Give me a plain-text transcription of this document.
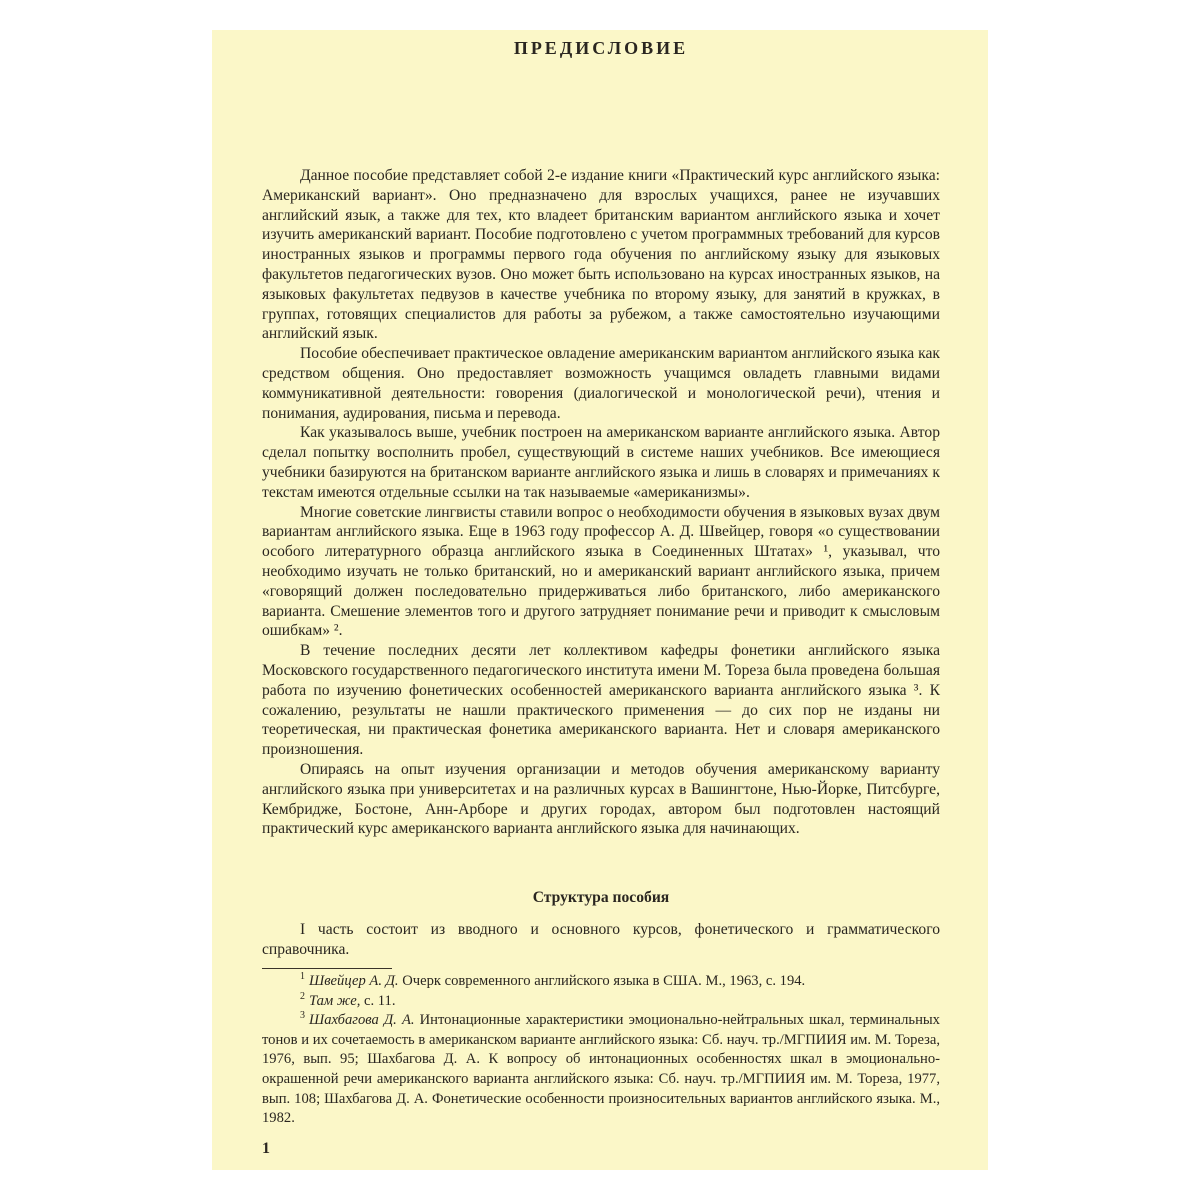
ПРЕДИСЛОВИЕ

Данное пособие представляет собой 2-е издание книги «Практический курс английского языка: Американский вариант». Оно предназначено для взрослых учащихся, ранее не изучавших английский язык, а также для тех, кто владеет британским вариантом английского языка и хочет изучить американский вариант. Пособие подготовлено с учетом программных требований для курсов иностранных языков и программы первого года обучения по английскому языку для языковых факультетов педагогических вузов. Оно может быть использовано на курсах иностранных языков, на языковых факультетах педвузов в качестве учебника по второму языку, для занятий в кружках, в группах, готовящих специалистов для работы за рубежом, а также самостоятельно изучающими английский язык.

Пособие обеспечивает практическое овладение американским вариантом английского языка как средством общения. Оно предоставляет возможность учащимся овладеть главными видами коммуникативной деятельности: говорения (диалогической и монологической речи), чтения и понимания, аудирования, письма и перевода.

Как указывалось выше, учебник построен на американском варианте английского языка. Автор сделал попытку восполнить пробел, существующий в системе наших учебников. Все имеющиеся учебники базируются на британском варианте английского языка и лишь в словарях и примечаниях к текстам имеются отдельные ссылки на так называемые «американизмы».

Многие советские лингвисты ставили вопрос о необходимости обучения в языковых вузах двум вариантам английского языка. Еще в 1963 году профессор А. Д. Швейцер, говоря «о существовании особого литературного образца английского языка в Соединенных Штатах» ¹, указывал, что необходимо изучать не только британский, но и американский вариант английского языка, причем «говорящий должен последовательно придерживаться либо британского, либо американского варианта. Смешение элементов того и другого затрудняет понимание речи и приводит к смысловым ошибкам» ².

В течение последних десяти лет коллективом кафедры фонетики английского языка Московского государственного педагогического института имени М. Тореза была проведена большая работа по изучению фонетических особенностей американского варианта английского языка ³. К сожалению, результаты не нашли практического применения — до сих пор не изданы ни теоретическая, ни практическая фонетика американского варианта. Нет и словаря американского произношения.

Опираясь на опыт изучения организации и методов обучения американскому варианту английского языка при университетах и на различных курсах в Вашингтоне, Нью-Йорке, Питсбурге, Кембридже, Бостоне, Анн-Арборе и других городах, автором был подготовлен настоящий практический курс американского варианта английского языка для начинающих.

Структура пособия

I часть состоит из вводного и основного курсов, фонетического и грамматического справочника.

$^1$ Швейцер А. Д. Очерк современного английского языка в США. М., 1963, с. 194.

$^2$ Там же, с. 11.

$^3$ Шахбагова Д. А. Интонационные характеристики эмоционально-нейтральных шкал, терминальных тонов и их сочетаемость в американском варианте английского языка: Сб. науч. тр./МГПИИЯ им. М. Тореза, 1976, вып. 95; Шахбагова Д. А. К вопросу об интонационных особенностях шкал в эмоционально-окрашенной речи американского варианта английского языка: Сб. науч. тр./МГПИИЯ им. М. Тореза, 1977, вып. 108; Шахбагова Д. А. Фонетические особенности произносительных вариантов английского языка. М., 1982.

1
